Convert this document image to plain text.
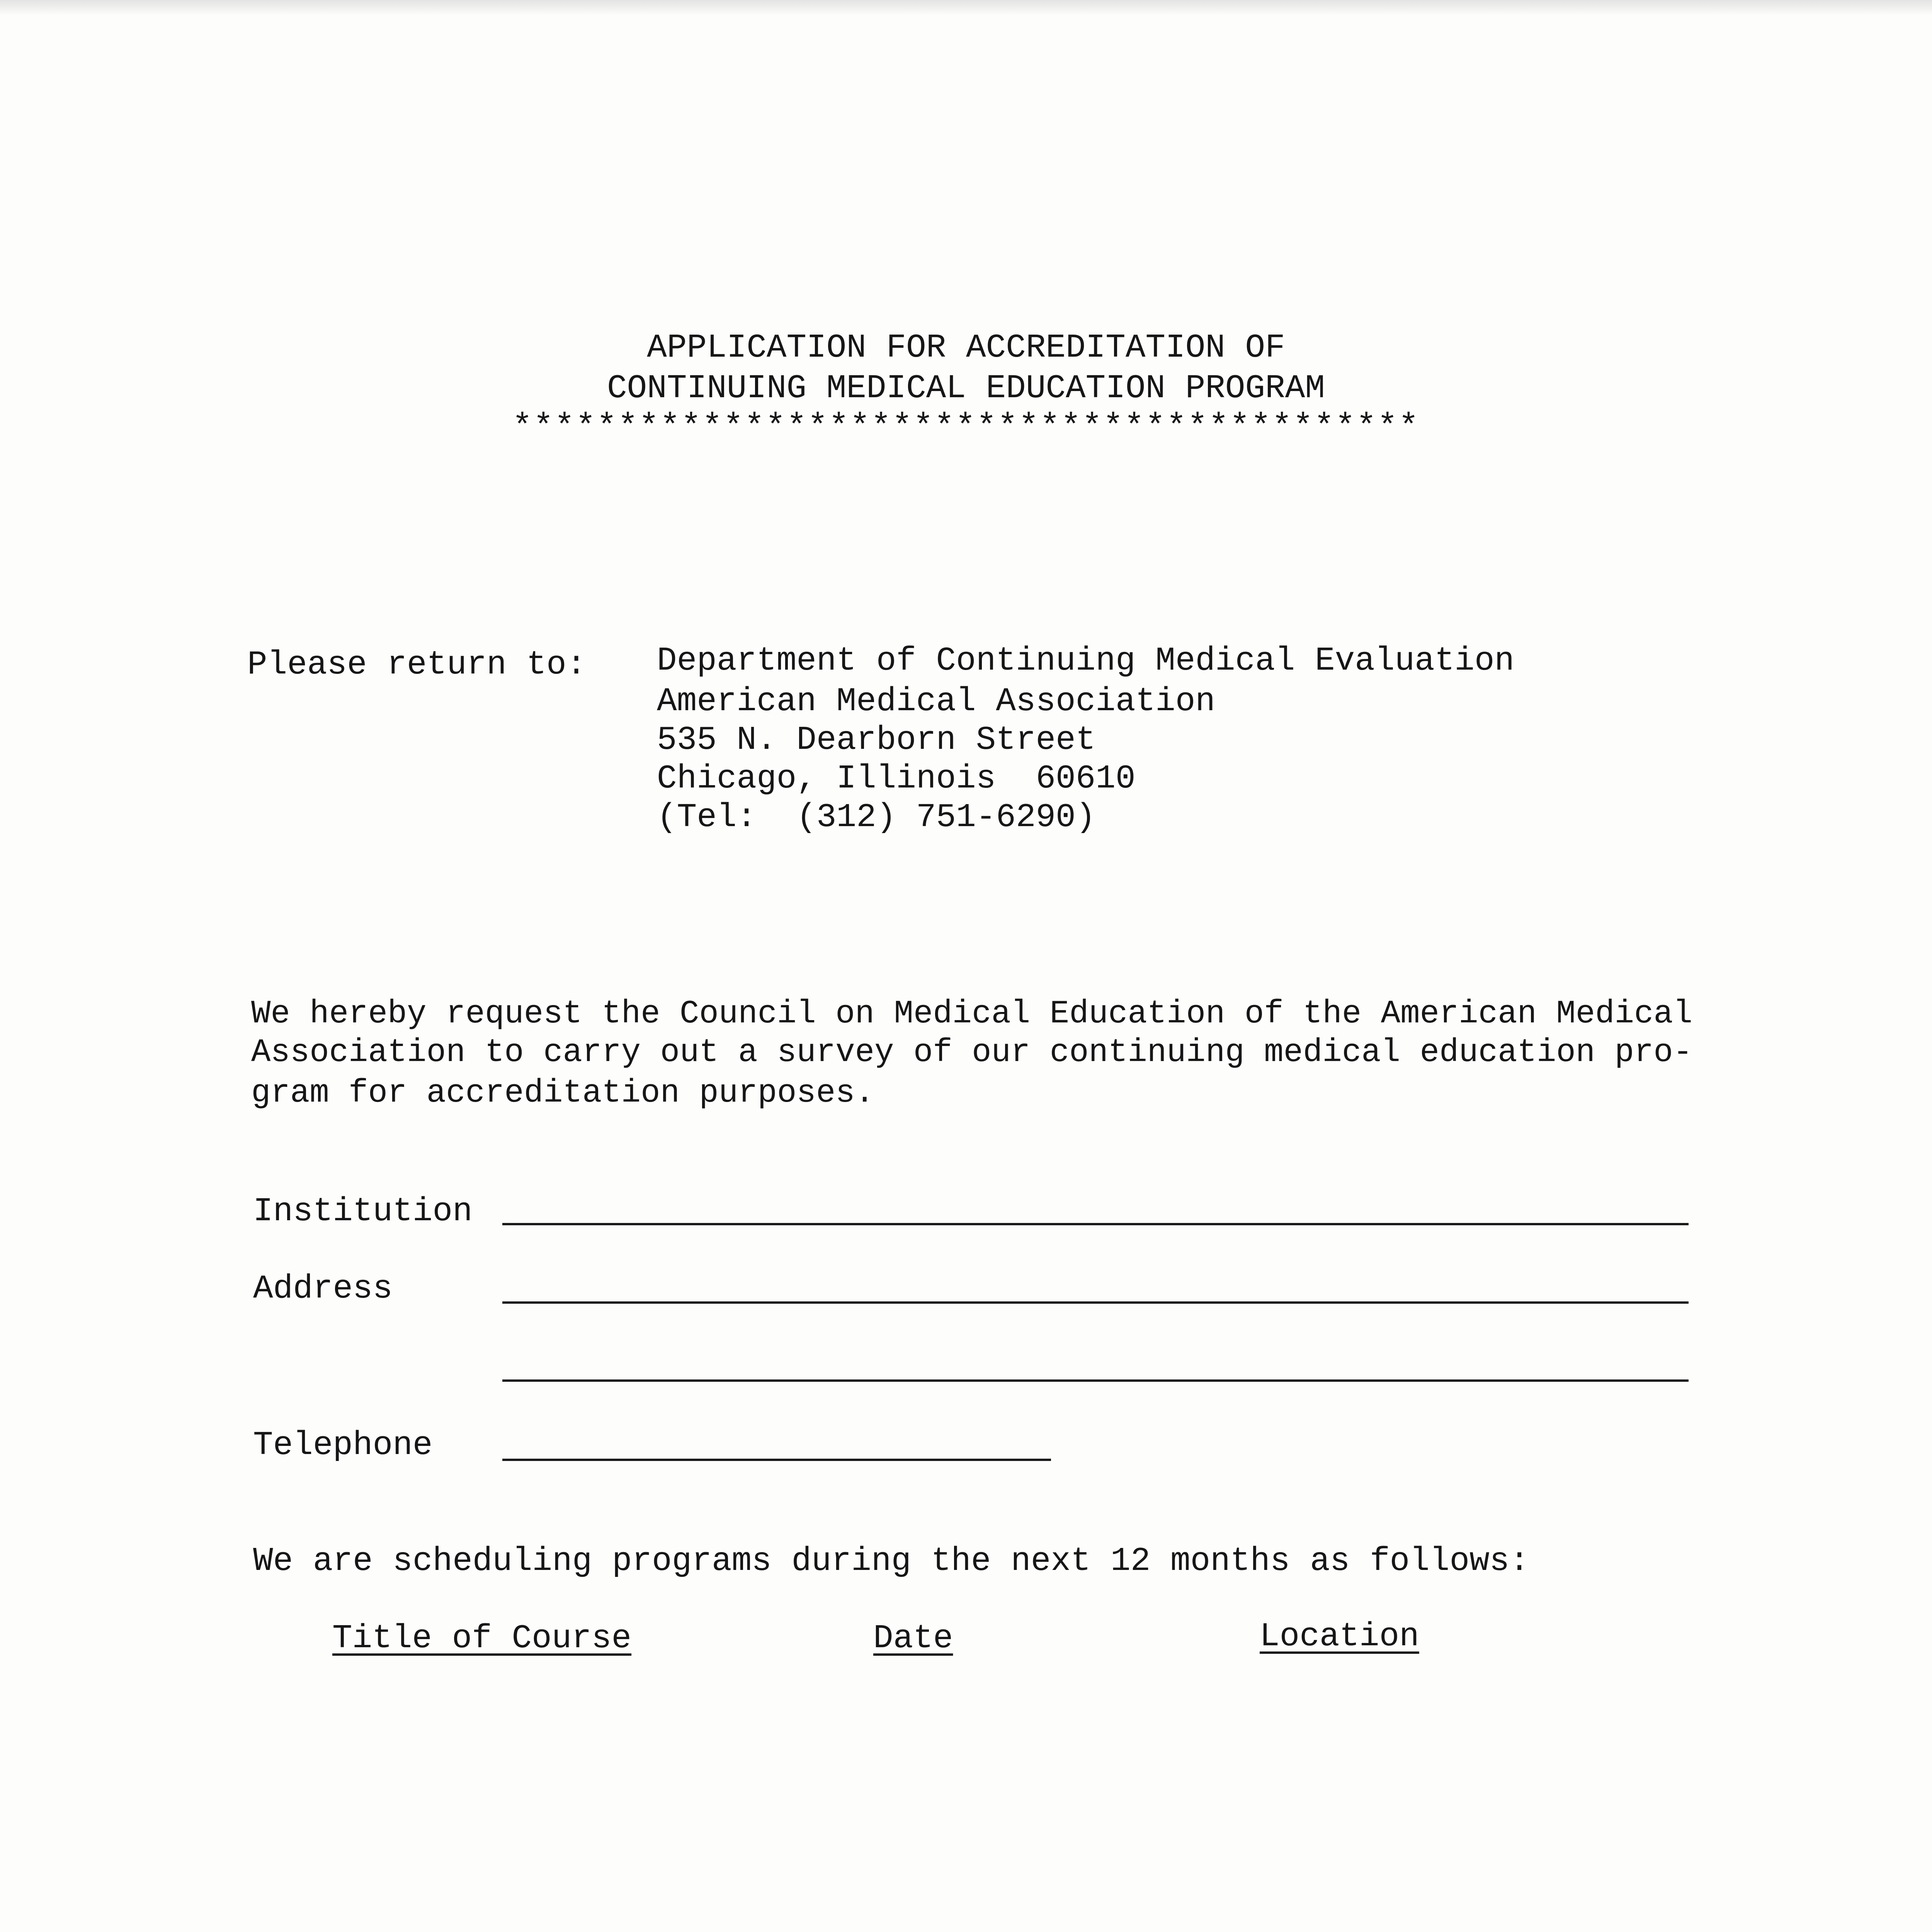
APPLICATION FOR ACCREDITATION OF
CONTINUING MEDICAL EDUCATION PROGRAM
*******************************************
Please return to: Department of Continuing Medical Evaluation
American Medical Association
535 N. Dearborn Street
Chicago, Illinois  60610
(Tel:  (312) 751-6290)
We hereby request the Council on Medical Education of the American Medical
Association to carry out a survey of our continuing medical education pro-
gram for accreditation purposes.
Institution
Address
Telephone
We are scheduling programs during the next 12 months as follows:
Title of Course	Date	Location
